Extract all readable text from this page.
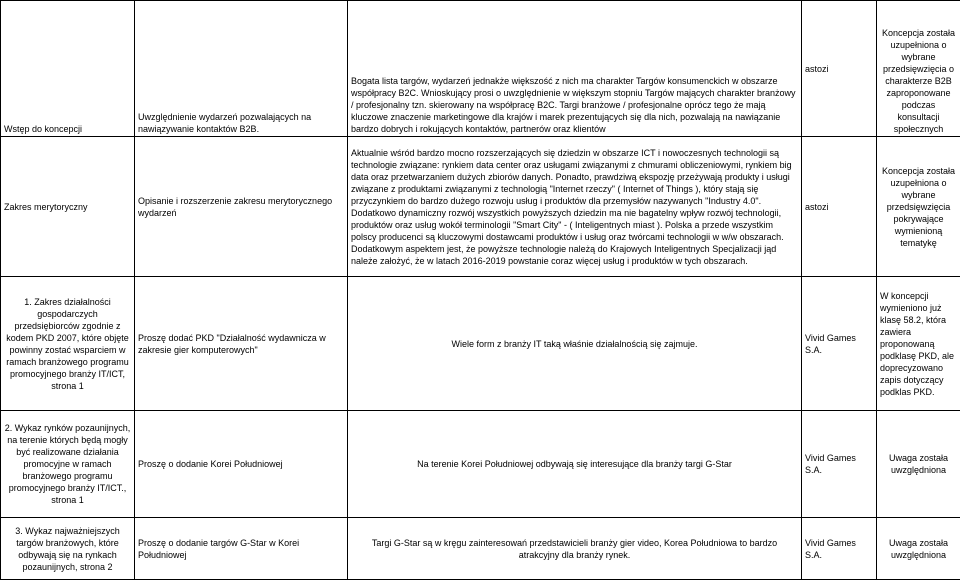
Wstęp do koncepcji	Uwzględnienie wydarzeń pozwalających na nawiązywanie kontaktów B2B.	Bogata lista targów, wydarzeń jednakże większość z nich ma charakter Targów konsumenckich w obszarze współpracy B2C. Wnioskujący prosi o uwzględnienie w większym stopniu Targów mających charakter branżowy / profesjonalny tzn. skierowany na współpracę B2C. Targi branżowe / profesjonalne oprócz tego że mają kluczowe znaczenie marketingowe dla krajów i marek prezentujących się dla nich, pozwalają na nawiązanie bardzo dobrych i rokujących kontaktów, partnerów oraz klientów	astozi	Koncepcja została uzupełniona o wybrane przedsięwzięcia o charakterze B2B zaproponowane podczas konsultacji społecznych

Zakres merytoryczny	Opisanie i rozszerzenie zakresu merytorycznego wydarzeń	Aktualnie wśród bardzo mocno rozszerzających się dziedzin w obszarze ICT i nowoczesnych technologii są technologie związane: rynkiem data center oraz usługami związanymi z chmurami obliczeniowymi, rynkiem big data oraz przetwarzaniem dużych zbiorów danych. Ponadto, prawdziwą ekspozję przeżywają produkty i usługi związane z produktami związanymi z technologią "Internet rzeczy" ( Internet of Things ), który stają się przyczynkiem do bardzo dużego rozwoju usług i produktów dla przemysłów nazywanych "Industry 4.0". Dodatkowo dynamiczny rozwój wszystkich powyższych dziedzin ma nie bagatelny wpływ rozwój technologii, produktów oraz usług wokół terminologii "Smart City" - ( Inteligentnych miast ). Polska a przede wszystkim polscy producenci są kluczowymi dostawcami produktów i usług oraz twórcami technologii w w/w obszarach. Dodatkowym aspektem jest, że powyższe technologie należą do Krajowych Inteligentnych Specjalizacji jąd należe założyć, że w latach 2016-2019 powstanie coraz więcej usług i produktów w tych obszarach.	astozi	Koncepcja została uzupełniona o wybrane przedsięwzięcia pokrywające wymienioną tematykę

1. Zakres działalności gospodarczych przedsiębiorców zgodnie z kodem PKD 2007, które objęte powinny zostać wsparciem w ramach branżowego programu promocyjnego branży IT/ICT, strona 1	Proszę dodać PKD "Działalność wydawnicza w zakresie gier komputerowych"	Wiele form z branży IT taką właśnie działalnością się zajmuje.	Vivid Games S.A.	W koncepcji wymieniono już klasę 58.2, która zawiera proponowaną podklasę PKD, ale doprecyzowano zapis dotyczący podklas PKD.

2. Wykaz rynków pozaunijnych, na terenie których będą mogły być realizowane działania promocyjne w ramach branżowego programu promocyjnego branży IT/ICT., strona 1	Proszę o dodanie Korei Południowej	Na terenie Korei Południowej odbywają się interesujące dla branży targi G-Star	Vivid Games S.A.	Uwaga została uwzględniona

3. Wykaz najważniejszych targów branżowych, które odbywają się na rynkach pozaunijnych, strona 2	Proszę o dodanie targów G-Star w Korei Południowej	Targi G-Star są w kręgu zainteresowań przedstawicieli branży gier video, Korea Południowa to bardzo atrakcyjny dla branży rynek.	Vivid Games S.A.	Uwaga została uwzględniona
